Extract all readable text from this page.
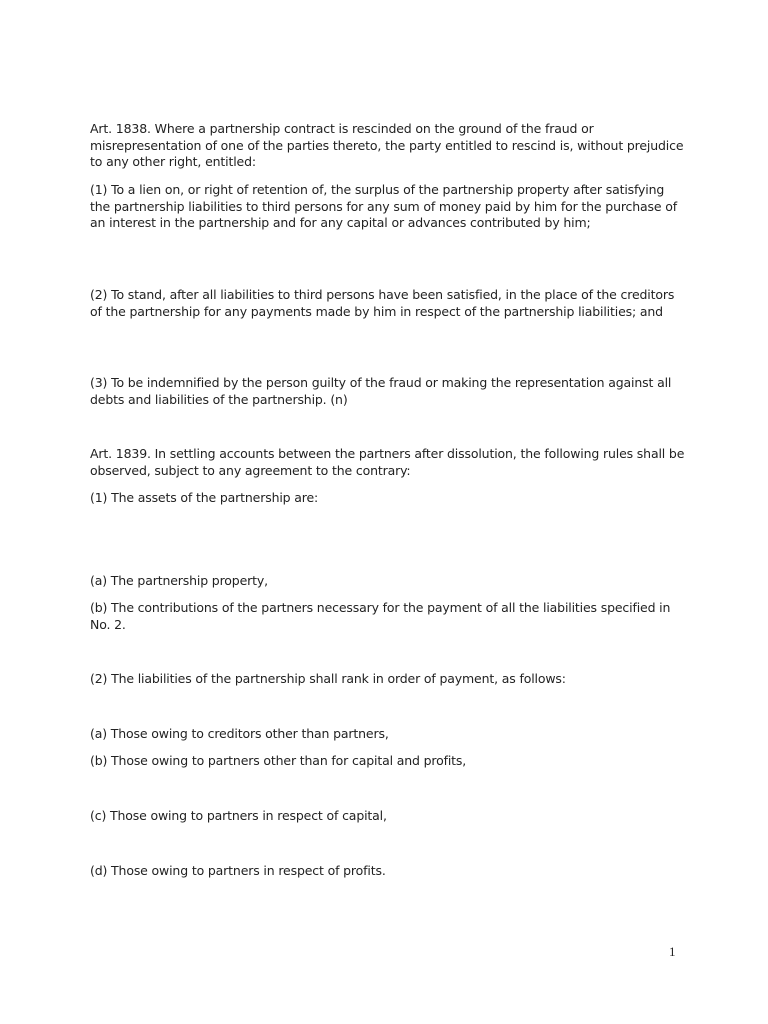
Art. 1838. Where a partnership contract is rescinded on the ground of the fraud or misrepresentation of one of the parties thereto, the party entitled to rescind is, without prejudice to any other right, entitled:

(1) To a lien on, or right of retention of, the surplus of the partnership property after satisfying the partnership liabilities to third persons for any sum of money paid by him for the purchase of an interest in the partnership and for any capital or advances contributed by him;

(2) To stand, after all liabilities to third persons have been satisfied, in the place of the creditors of the partnership for any payments made by him in respect of the partnership liabilities; and

(3) To be indemnified by the person guilty of the fraud or making the representation against all debts and liabilities of the partnership. (n)

Art. 1839. In settling accounts between the partners after dissolution, the following rules shall be observed, subject to any agreement to the contrary:

(1) The assets of the partnership are:

(a) The partnership property,

(b) The contributions of the partners necessary for the payment of all the liabilities specified in No. 2.

(2) The liabilities of the partnership shall rank in order of payment, as follows:

(a) Those owing to creditors other than partners,

(b) Those owing to partners other than for capital and profits,

(c) Those owing to partners in respect of capital,

(d) Those owing to partners in respect of profits.

1
